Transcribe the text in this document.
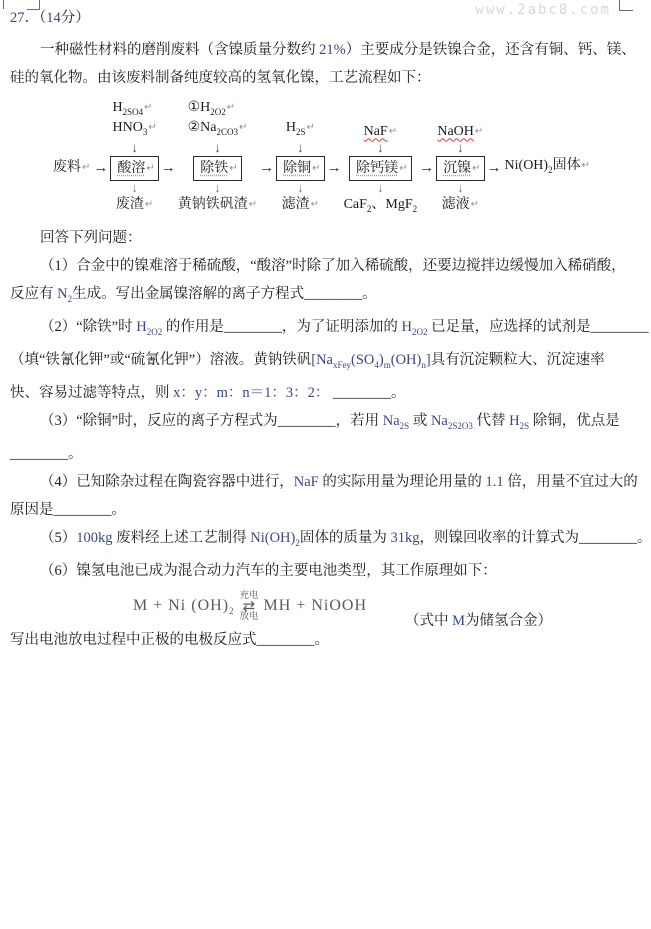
www.2abc8.com
27．（14分）
一种磁性材料的磨削废料（含镍质量分数约 21%）主要成分是铁镍合金，还含有铜、钙、镁、
硅的氧化物。由该废料制备纯度较高的氢氧化镍，工艺流程如下：
$H_{2SO4}↵$
$HNO_3↵$
$①H_{2O2}↵$
$②Na_{2CO3}↵$	$H_{2S}↵$	NaF↵	NaOH↵
↓	↓	↓	↓	↓
废料↵ → 酸溶↵ →	除铁↵ → 除铜↵ →	除钙镁↵ → 沉镍↵ → $Ni(OH)_2$固体↵
↓	↓	↓	↓	↓
废渣↵ 黄钠铁矾渣↵ 滤渣↵ CaF$_2$、MgF$_2$ 滤液↵
回答下列问题：
（1）合金中的镍难溶于稀硫酸，“酸溶”时除了加入稀硫酸，还要边搅拌边缓慢加入稀硝酸，
反应有 $N_2$生成。写出金属镍溶解的离子方程式________。
（2）“除铁”时 $H_{2O2}$ 的作用是________，为了证明添加的 $H_{2O2}$ 已足量，应选择的试剂是________
（填“铁氰化钾”或“硫氰化钾”）溶液。黄钠铁矾$[Na_{xFey}(SO_4)_m(OH)_n]$具有沉淀颗粒大、沉淀速率
快、容易过滤等特点，则 x：y：m：n＝1：3：2： ________。
（3）“除铜”时，反应的离子方程式为________，若用 $Na_{2S}$ 或 $Na_{2S2O3}$ 代替 $H_{2S}$ 除铜，优点是
________。
（4）已知除杂过程在陶瓷容器中进行，NaF 的实际用量为理论用量的 1.1 倍，用量不宜过大的
原因是________。
（5）100kg 废料经上述工艺制得 $Ni(OH)_2$固体的质量为 31kg，则镍回收率的计算式为________。
（6）镍氢电池已成为混合动力汽车的主要电池类型，其工作原理如下：
M + Ni $(OH)_2$
充电
⇄
放电
MH + NiOOH
（式中 M为储氢合金）
写出电池放电过程中正极的电极反应式________。
